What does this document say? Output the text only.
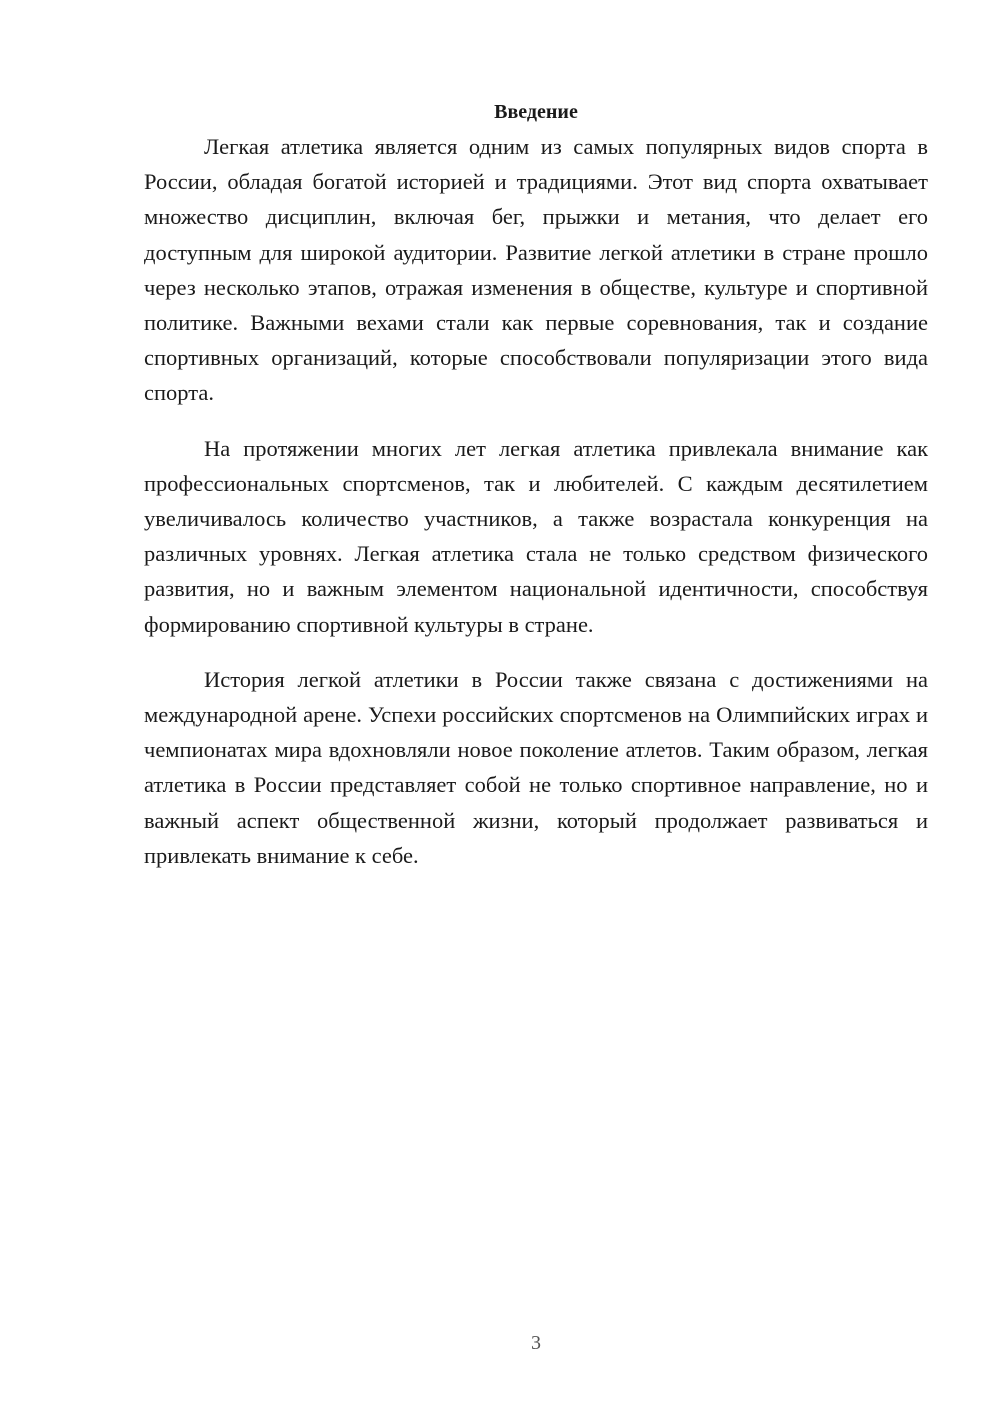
Введение

Легкая атлетика является одним из самых популярных видов спорта в России, обладая богатой историей и традициями. Этот вид спорта охватывает множество дисциплин, включая бег, прыжки и метания, что делает его доступным для широкой аудитории. Развитие легкой атлетики в стране прошло через несколько этапов, отражая изменения в обществе, культуре и спортивной политике. Важными вехами стали как первые соревнования, так и создание спортивных организаций, которые способствовали популяризации этого вида спорта.

На протяжении многих лет легкая атлетика привлекала внимание как профессиональных спортсменов, так и любителей. С каждым десятилетием увеличивалось количество участников, а также возрастала конкуренция на различных уровнях. Легкая атлетика стала не только средством физического развития, но и важным элементом национальной идентичности, способствуя формированию спортивной культуры в стране.

История легкой атлетики в России также связана с достижениями на международной арене. Успехи российских спортсменов на Олимпийских играх и чемпионатах мира вдохновляли новое поколение атлетов. Таким образом, легкая атлетика в России представляет собой не только спортивное направление, но и важный аспект общественной жизни, который продолжает развиваться и привлекать внимание к себе.

3
